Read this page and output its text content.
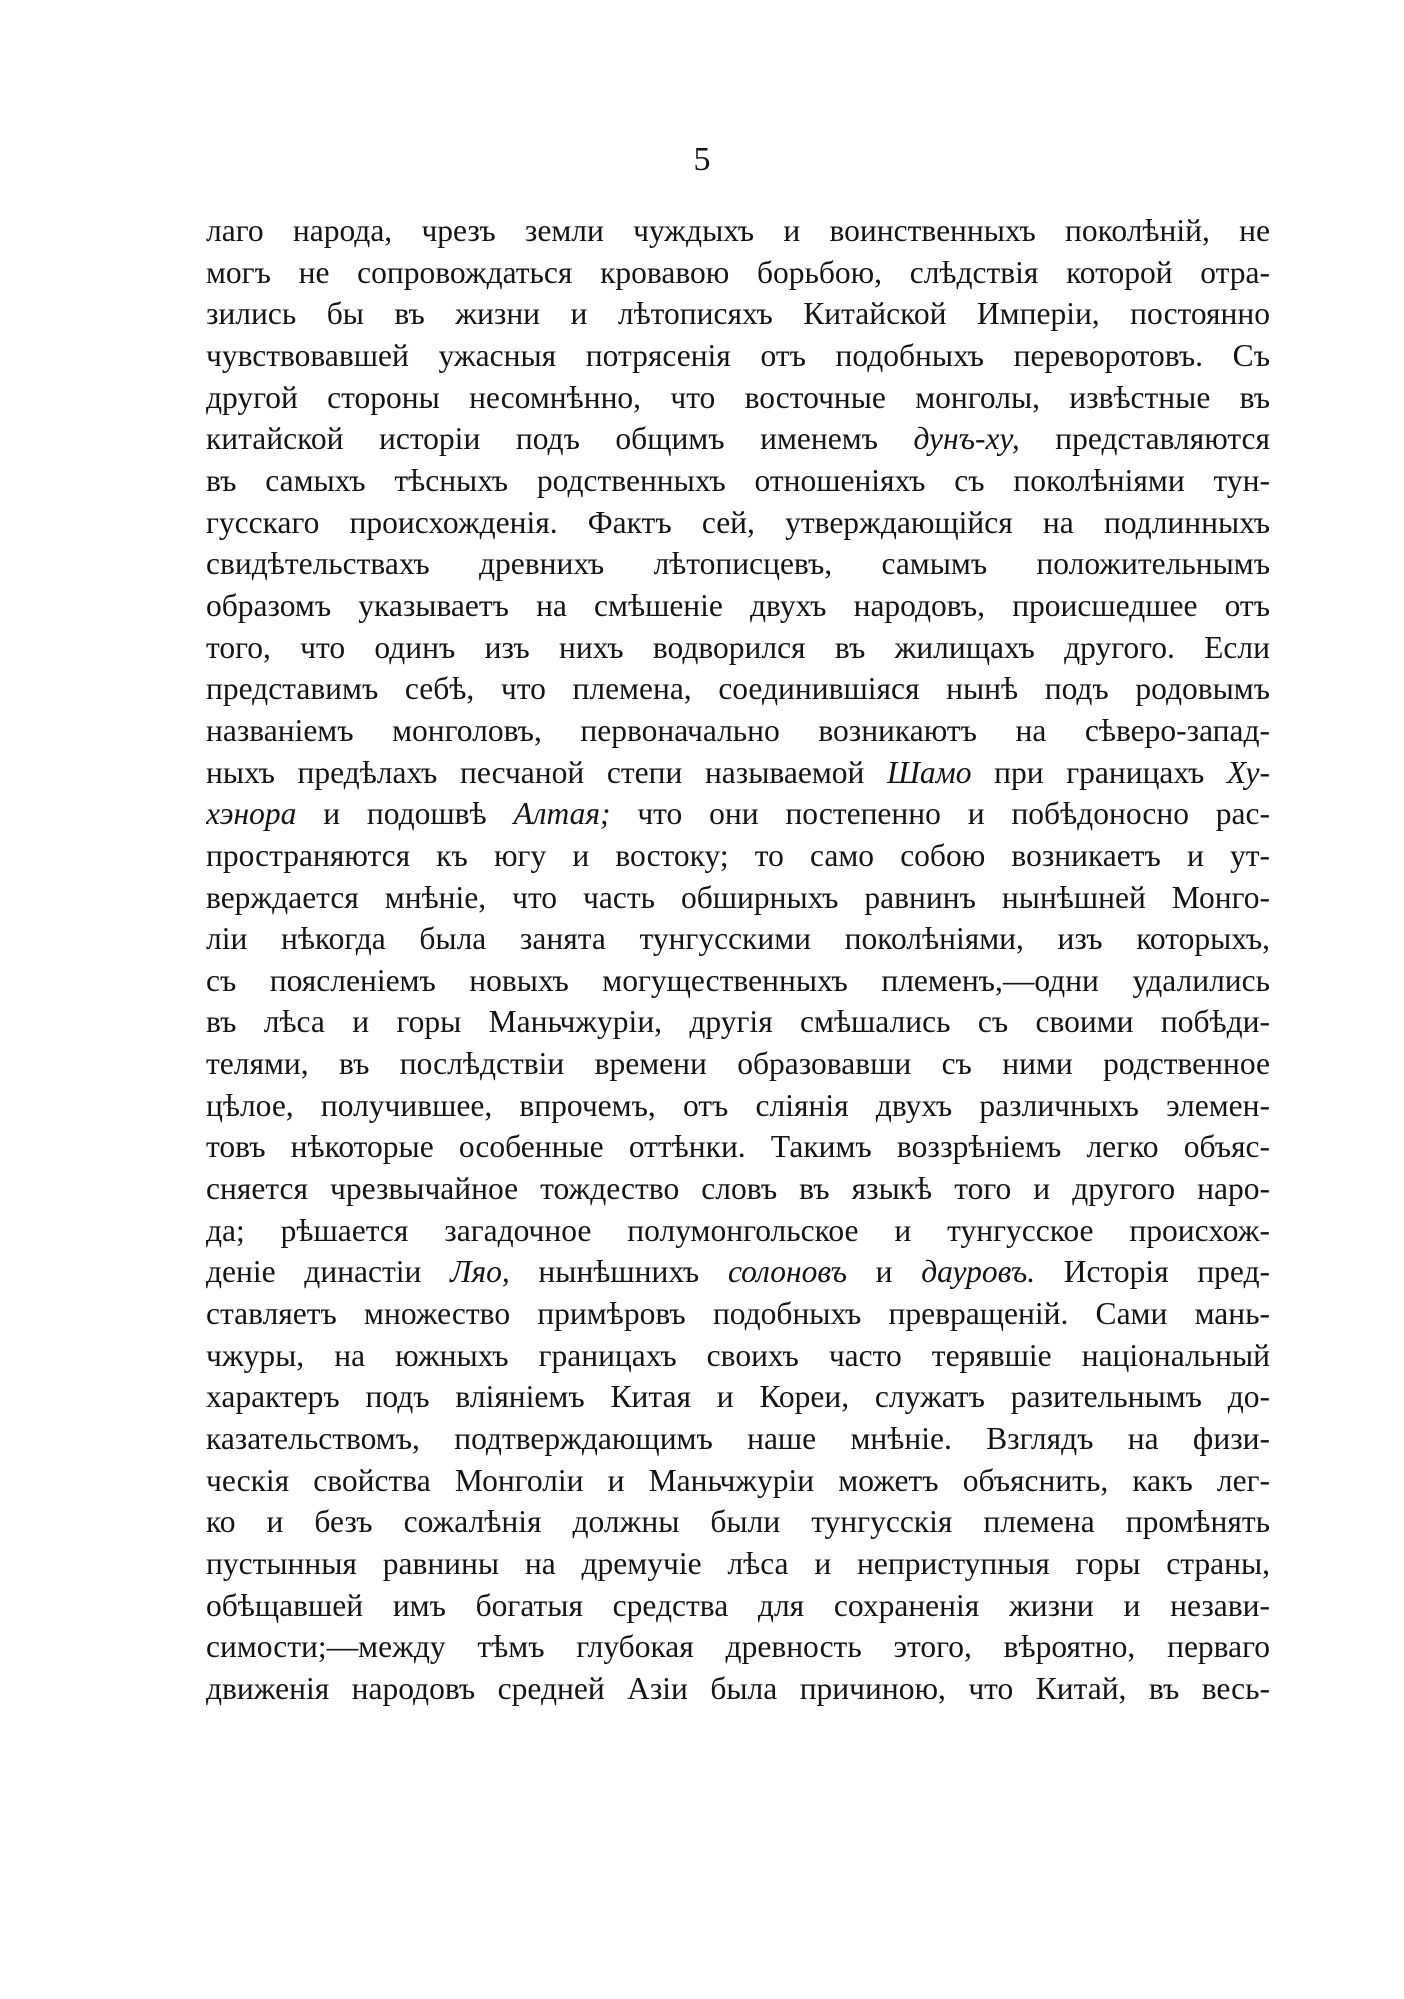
5
лаго народа, чрезъ земли чуждыхъ и воинственныхъ поколѣній, не
могъ не сопровождаться кровавою борьбою, слѣдствія которой отра-
зились бы въ жизни и лѣтописяхъ Китайской Имперіи, постоянно
чувствовавшей ужасныя потрясенія отъ подобныхъ переворотовъ. Съ
другой стороны несомнѣнно, что восточные монголы, извѣстные въ
китайской исторіи подъ общимъ именемъ дунъ-ху, представляются
въ самыхъ тѣсныхъ родственныхъ отношеніяхъ съ поколѣніями тун-
гусскаго происхожденія. Фактъ сей, утверждающійся на подлинныхъ
свидѣтельствахъ древнихъ лѣтописцевъ, самымъ положительнымъ
образомъ указываетъ на смѣшеніе двухъ народовъ, происшедшее отъ
того, что одинъ изъ нихъ водворился въ жилищахъ другого. Если
представимъ себѣ, что племена, соединившіяся нынѣ подъ родовымъ
названіемъ монголовъ, первоначально возникаютъ на сѣверо-запад-
ныхъ предѣлахъ песчаной степи называемой Шамо при границахъ Ху-
хэнора и подошвѣ Алтая; что они постепенно и побѣдоносно рас-
пространяются къ югу и востоку; то само собою возникаетъ и ут-
верждается мнѣніе, что часть обширныхъ равнинъ нынѣшней Монго-
ліи нѣкогда была занята тунгусскими поколѣніями, изъ которыхъ,
съ поясленіемъ новыхъ могущественныхъ племенъ,—одни удалились
въ лѣса и горы Маньчжуріи, другія смѣшались съ своими побѣди-
телями, въ послѣдствіи времени образовавши съ ними родственное
цѣлое, получившее, впрочемъ, отъ сліянія двухъ различныхъ элемен-
товъ нѣкоторые особенные оттѣнки. Такимъ воззрѣніемъ легко объяс-
сняется чрезвычайное тождество словъ въ языкѣ того и другого наро-
да; рѣшается загадочное полумонгольское и тунгусское происхож-
деніе династіи Ляо, нынѣшнихъ солоновъ и дауровъ. Исторія пред-
ставляетъ множество примѣровъ подобныхъ превращеній. Сами мань-
чжуры, на южныхъ границахъ своихъ часто терявшіе національный
характеръ подъ вліяніемъ Китая и Кореи, служатъ разительнымъ до-
казательствомъ, подтверждающимъ наше мнѣніе. Взглядъ на физи-
ческія свойства Монголіи и Маньчжуріи можетъ объяснить, какъ лег-
ко и безъ сожалѣнія должны были тунгусскія племена промѣнять
пустынныя равнины на дремучіе лѣса и неприступныя горы страны,
обѣщавшей имъ богатыя средства для сохраненія жизни и незави-
симости;—между тѣмъ глубокая древность этого, вѣроятно, перваго
движенія народовъ средней Азіи была причиною, что Китай, въ весь-
